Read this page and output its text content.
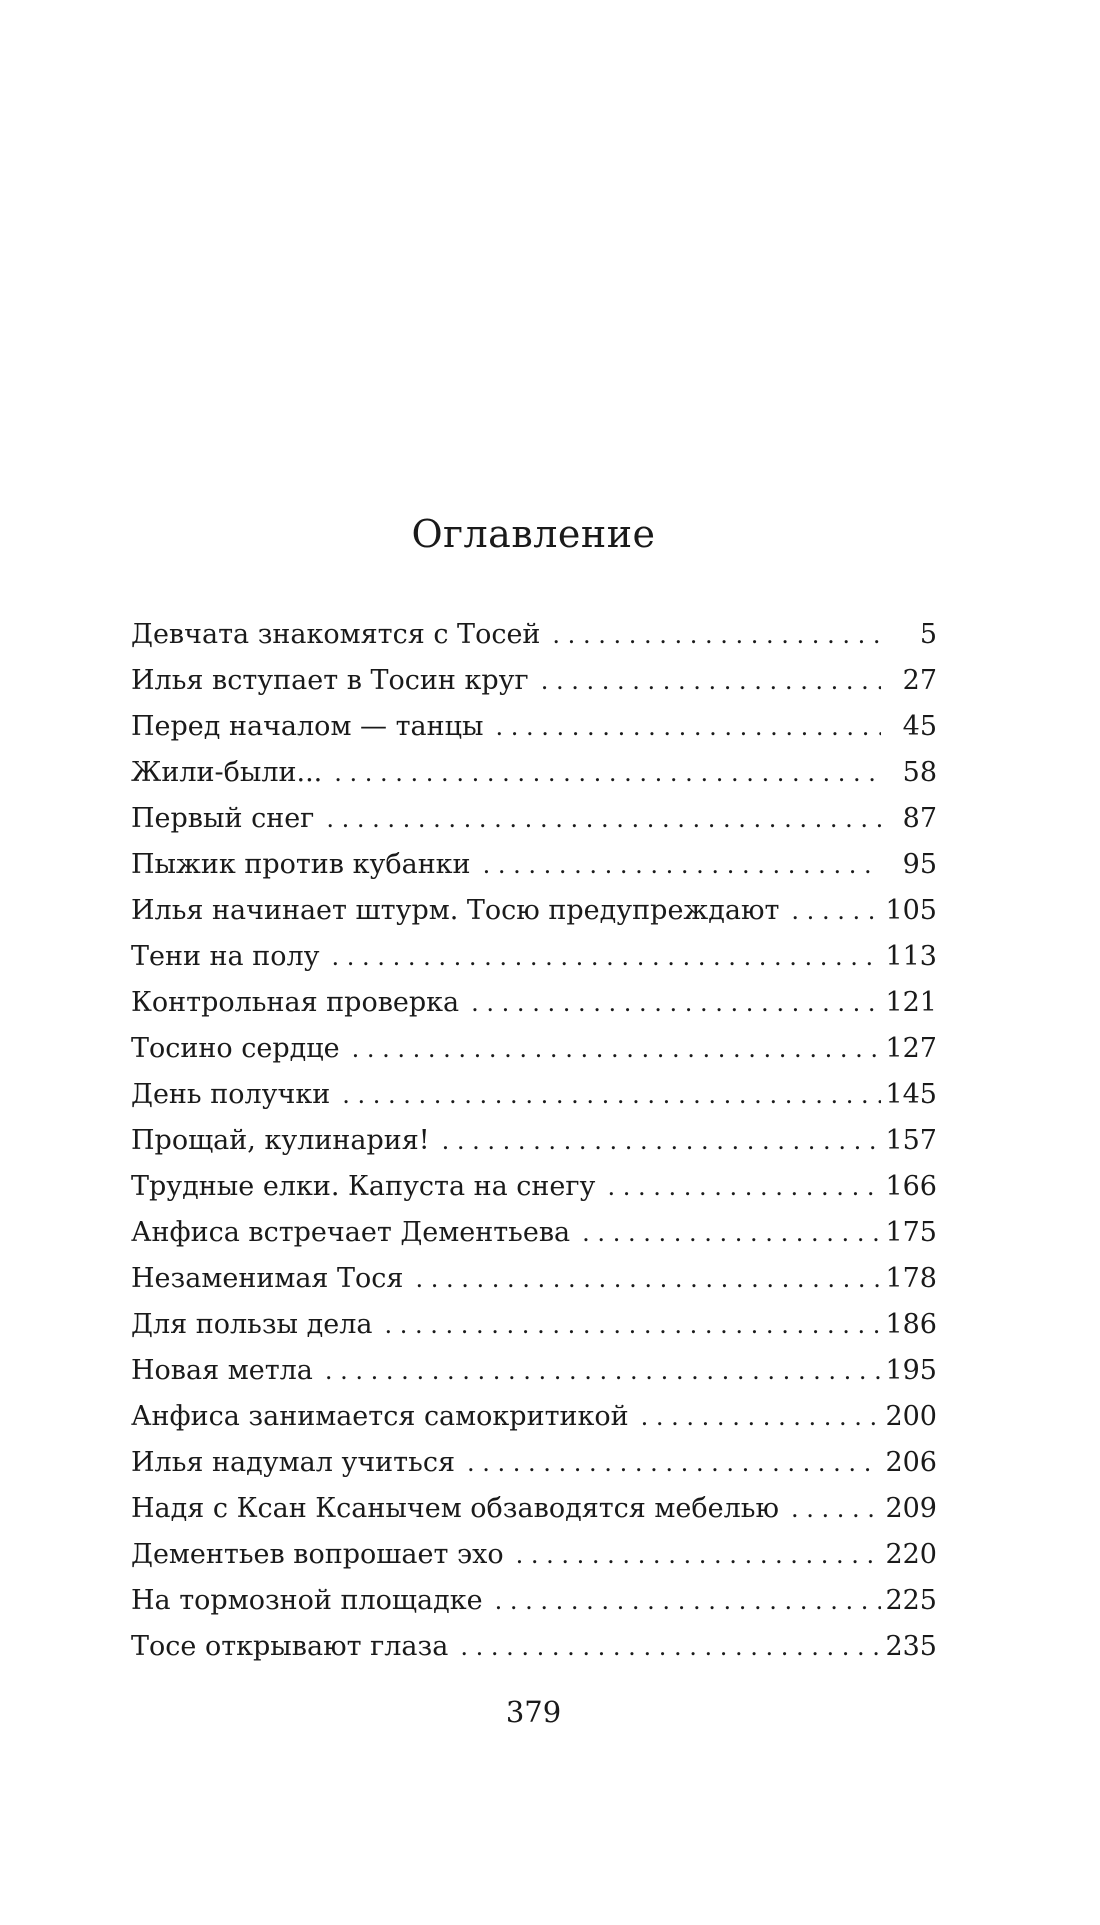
Оглавление
Девчата знакомятся с Тосей . . .	5
Илья вступает в Тосин круг . . .	27
Перед началом — танцы . . .	45
Жили-были... . . .	58
Первый снег . . .	87
Пыжик против кубанки . . .	95
Илья начинает штурм. Тосю предупреждают . . .	105
Тени на полу . . .	113
Контрольная проверка . . .	121
Тосино сердце . . .	127
День получки . . .	145
Прощай, кулинария! . . .	157
Трудные елки. Капуста на снегу . . .	166
Анфиса встречает Дементьева . . .	175
Незаменимая Тося . . .	178
Для пользы дела . . .	186
Новая метла . . .	195
Анфиса занимается самокритикой . . .	200
Илья надумал учиться . . .	206
Надя с Ксан Ксанычем обзаводятся мебелью . . .	209
Дементьев вопрошает эхо . . .	220
На тормозной площадке . . .	225
Тосе открывают глаза . . .	235
379
